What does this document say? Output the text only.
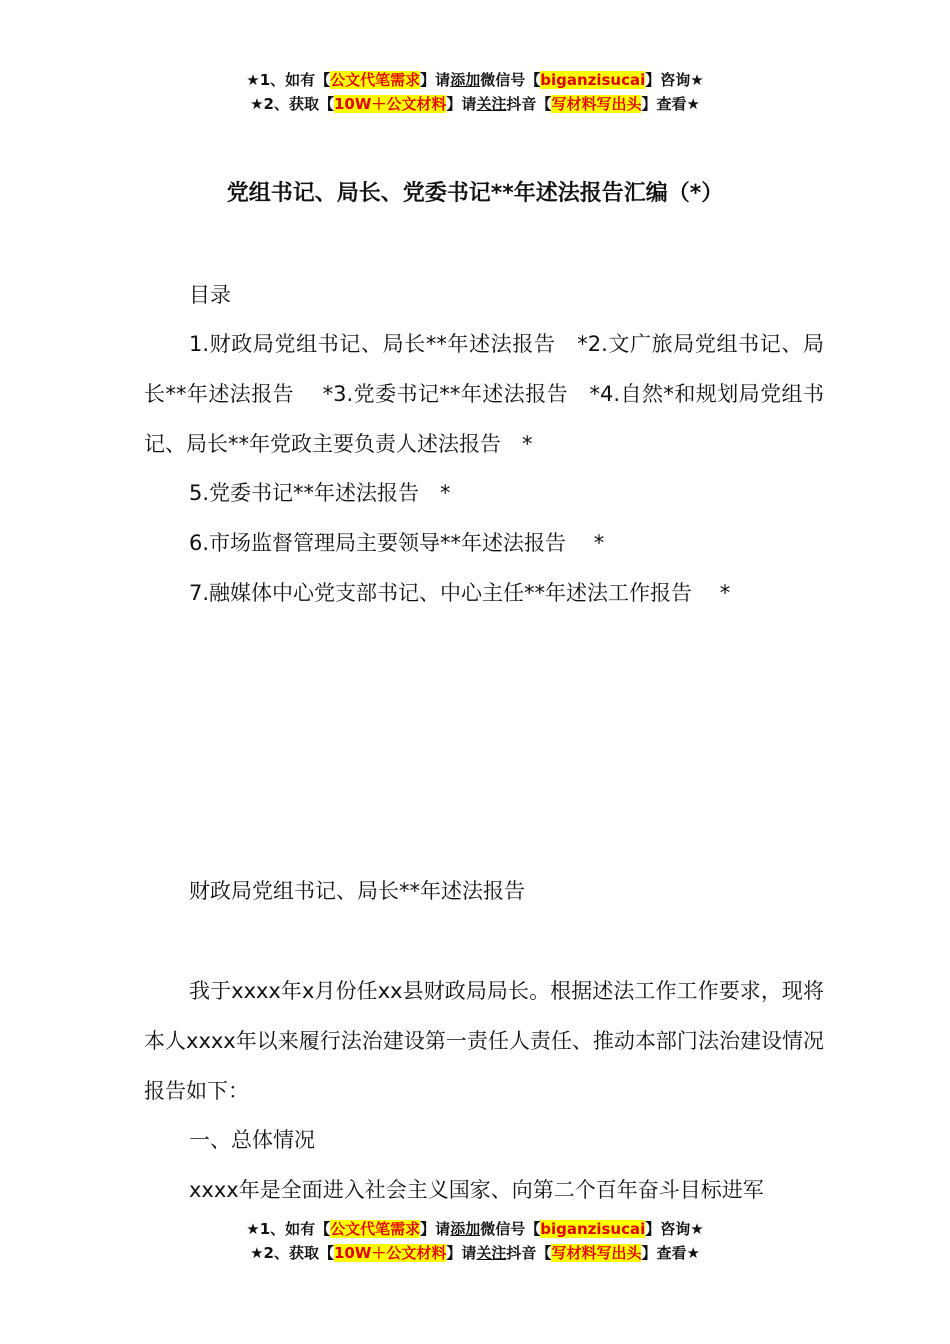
★1、如有【公文代笔需求】请添加微信号【biganzisucai】咨询★
★2、获取【10W＋公文材料】请关注抖音【写材料写出头】查看★
党组书记、局长、党委书记**年述法报告汇编（*）
目录
1.财政局党组书记、局长**年述法报告　*2.文广旅局党组书记、局长**年述法报告　 *3.党委书记**年述法报告　*4.自然*和规划局党组书记、局长**年党政主要负责人述法报告　*
5.党委书记**年述法报告　*
6.市场监督管理局主要领导**年述法报告　 *
7.融媒体中心党支部书记、中心主任**年述法工作报告　 *
财政局党组书记、局长**年述法报告
我于xxxx年x月份任xx县财政局局长。根据述法工作工作要求，现将本人xxxx年以来履行法治建设第一责任人责任、推动本部门法治建设情况报告如下：
一、总体情况
xxxx年是全面进入社会主义国家、向第二个百年奋斗目标进军
★1、如有【公文代笔需求】请添加微信号【biganzisucai】咨询★
★2、获取【10W＋公文材料】请关注抖音【写材料写出头】查看★
